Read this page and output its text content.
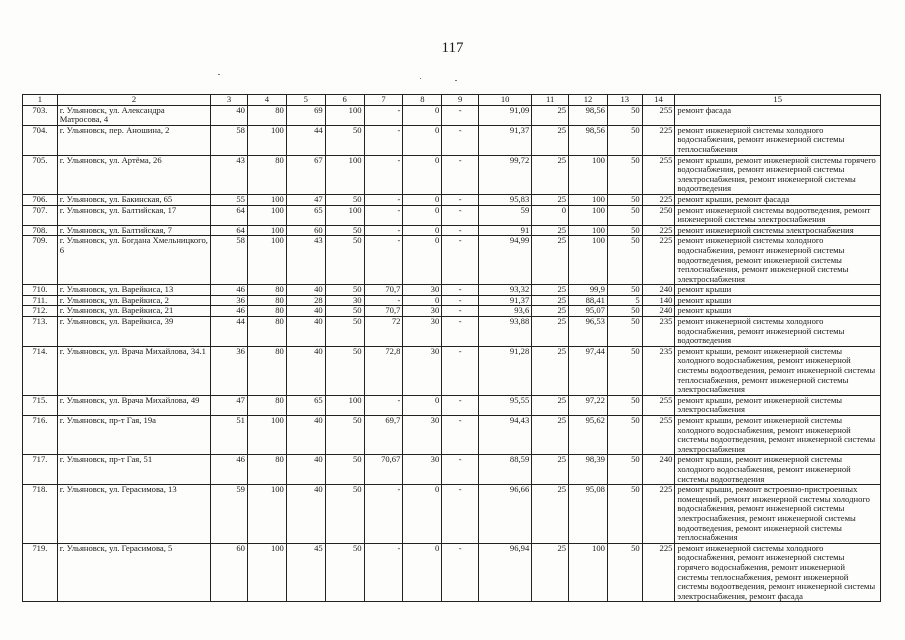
117
1	2	3	4	5	6	7	8	9	10	11	12	13	14	15
703.	г. Ульяновск, ул. Александра Матросова, 4	40	80	69	100	-	0	-	91,09	25	98,56	50	255	ремонт фасада
704.	г. Ульяновск, пер. Аношина, 2	58	100	44	50	-	0	-	91,37	25	98,56	50	225	ремонт инженерной системы холодного водоснабжения, ремонт инженерной системы теплоснабжения
705.	г. Ульяновск, ул. Артёма, 26	43	80	67	100	-	0	-	99,72	25	100	50	255	ремонт крыши, ремонт инженерной системы горячего водоснабжения, ремонт инженерной системы электроснабжения, ремонт инженерной системы водоотведения
706.	г. Ульяновск, ул. Бакинская, 65	55	100	47	50	-	0	-	95,83	25	100	50	225	ремонт крыши, ремонт фасада
707.	г. Ульяновск, ул. Балтийская, 17	64	100	65	100	-	0	-	59	0	100	50	250	ремонт инженерной системы водоотведения, ремонт инженерной системы электроснабжения
708.	г. Ульяновск, ул. Балтийская, 7	64	100	60	50	-	0	-	91	25	100	50	225	ремонт инженерной системы электроснабжения
709.	г. Ульяновск, ул. Богдана Хмельницкого, 6	58	100	43	50	-	0	-	94,99	25	100	50	225	ремонт инженерной системы холодного водоснабжения, ремонт инженерной системы водоотведения, ремонт инженерной системы теплоснабжения, ремонт инженерной системы электроснабжения
710.	г. Ульяновск, ул. Варейкиса, 13	46	80	40	50	70,7	30	-	93,32	25	99,9	50	240	ремонт крыши
711.	г. Ульяновск, ул. Варейкиса, 2	36	80	28	30	-	0	-	91,37	25	88,41	5	140	ремонт крыши
712.	г. Ульяновск, ул. Варейкиса, 21	46	80	40	50	70,7	30	-	93,6	25	95,07	50	240	ремонт крыши
713.	г. Ульяновск, ул. Варейкиса, 39	44	80	40	50	72	30	-	93,88	25	96,53	50	235	ремонт инженерной системы холодного водоснабжения, ремонт инженерной системы водоотведения
714.	г. Ульяновск, ул. Врача Михайлова, 34.1	36	80	40	50	72,8	30	-	91,28	25	97,44	50	235	ремонт крыши, ремонт инженерной системы холодного водоснабжения, ремонт инженерной системы водоотведения, ремонт инженерной системы теплоснабжения, ремонт инженерной системы электроснабжения
715.	г. Ульяновск, ул. Врача Михайлова, 49	47	80	65	100	-	0	-	95,55	25	97,22	50	255	ремонт крыши, ремонт инженерной системы электроснабжения
716.	г. Ульяновск, пр-т Гая, 19а	51	100	40	50	69,7	30	-	94,43	25	95,62	50	255	ремонт крыши, ремонт инженерной системы холодного водоснабжения, ремонт инженерной системы водоотведения, ремонт инженерной системы электроснабжения
717.	г. Ульяновск, пр-т Гая, 51	46	80	40	50	70,67	30	-	88,59	25	98,39	50	240	ремонт крыши, ремонт инженерной системы холодного водоснабжения, ремонт инженерной системы водоотведения
718.	г. Ульяновск, ул. Герасимова, 13	59	100	40	50	-	0	-	96,66	25	95,08	50	225	ремонт крыши, ремонт встроенно-пристроенных помещений, ремонт инженерной системы холодного водоснабжения, ремонт инженерной системы электроснабжения, ремонт инженерной системы водоотведения, ремонт инженерной системы теплоснабжения
719.	г. Ульяновск, ул. Герасимова, 5	60	100	45	50	-	0	-	96,94	25	100	50	225	ремонт инженерной системы холодного водоснабжения, ремонт инженерной системы горячего водоснабжения, ремонт инженерной системы теплоснабжения, ремонт инженерной системы водоотведения, ремонт инженерной системы электроснабжения, ремонт фасада
